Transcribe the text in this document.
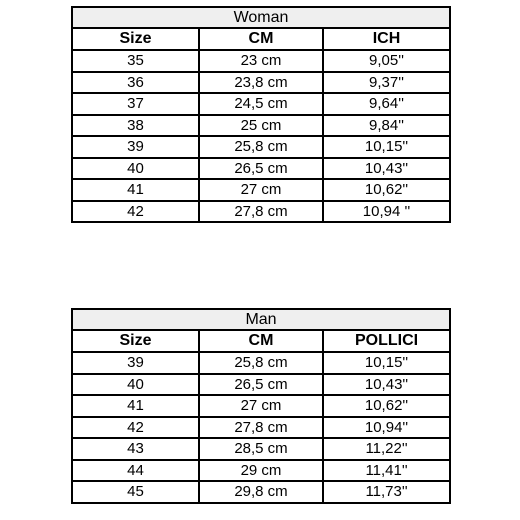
Woman		
Size	CM	ICH
35	23 cm	9,05''
36	23,8 cm	9,37''
37	24,5 cm	9,64''
38	25 cm	9,84''
39	25,8 cm	10,15''
40	26,5 cm	10,43''
41	27 cm	10,62''
42	27,8 cm	10,94 ''
Man		
Size	CM	POLLICI
39	25,8 cm	10,15''
40	26,5 cm	10,43''
41	27 cm	10,62''
42	27,8 cm	10,94''
43	28,5 cm	11,22''
44	29 cm	11,41''
45	29,8 cm	11,73''
